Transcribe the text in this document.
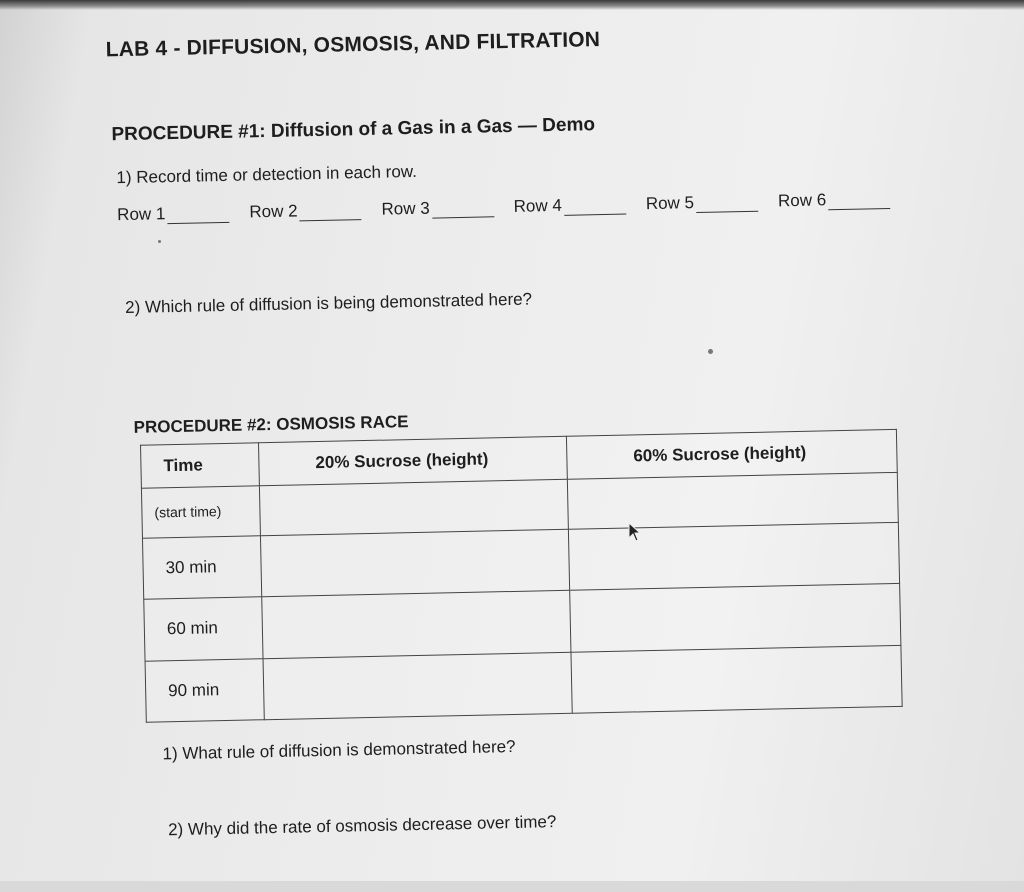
LAB 4 - DIFFUSION, OSMOSIS, AND FILTRATION
PROCEDURE #1: Diffusion of a Gas in a Gas — Demo
1) Record time or detection in each row.
Row 1	Row 2	Row 3	Row 4	Row 5	Row 6
2) Which rule of diffusion is being demonstrated here?
PROCEDURE #2: OSMOSIS RACE
Time	20% Sucrose (height)	60% Sucrose (height)
(start time)		
30 min		
60 min		
90 min		
1) What rule of diffusion is demonstrated here?
2) Why did the rate of osmosis decrease over time?
